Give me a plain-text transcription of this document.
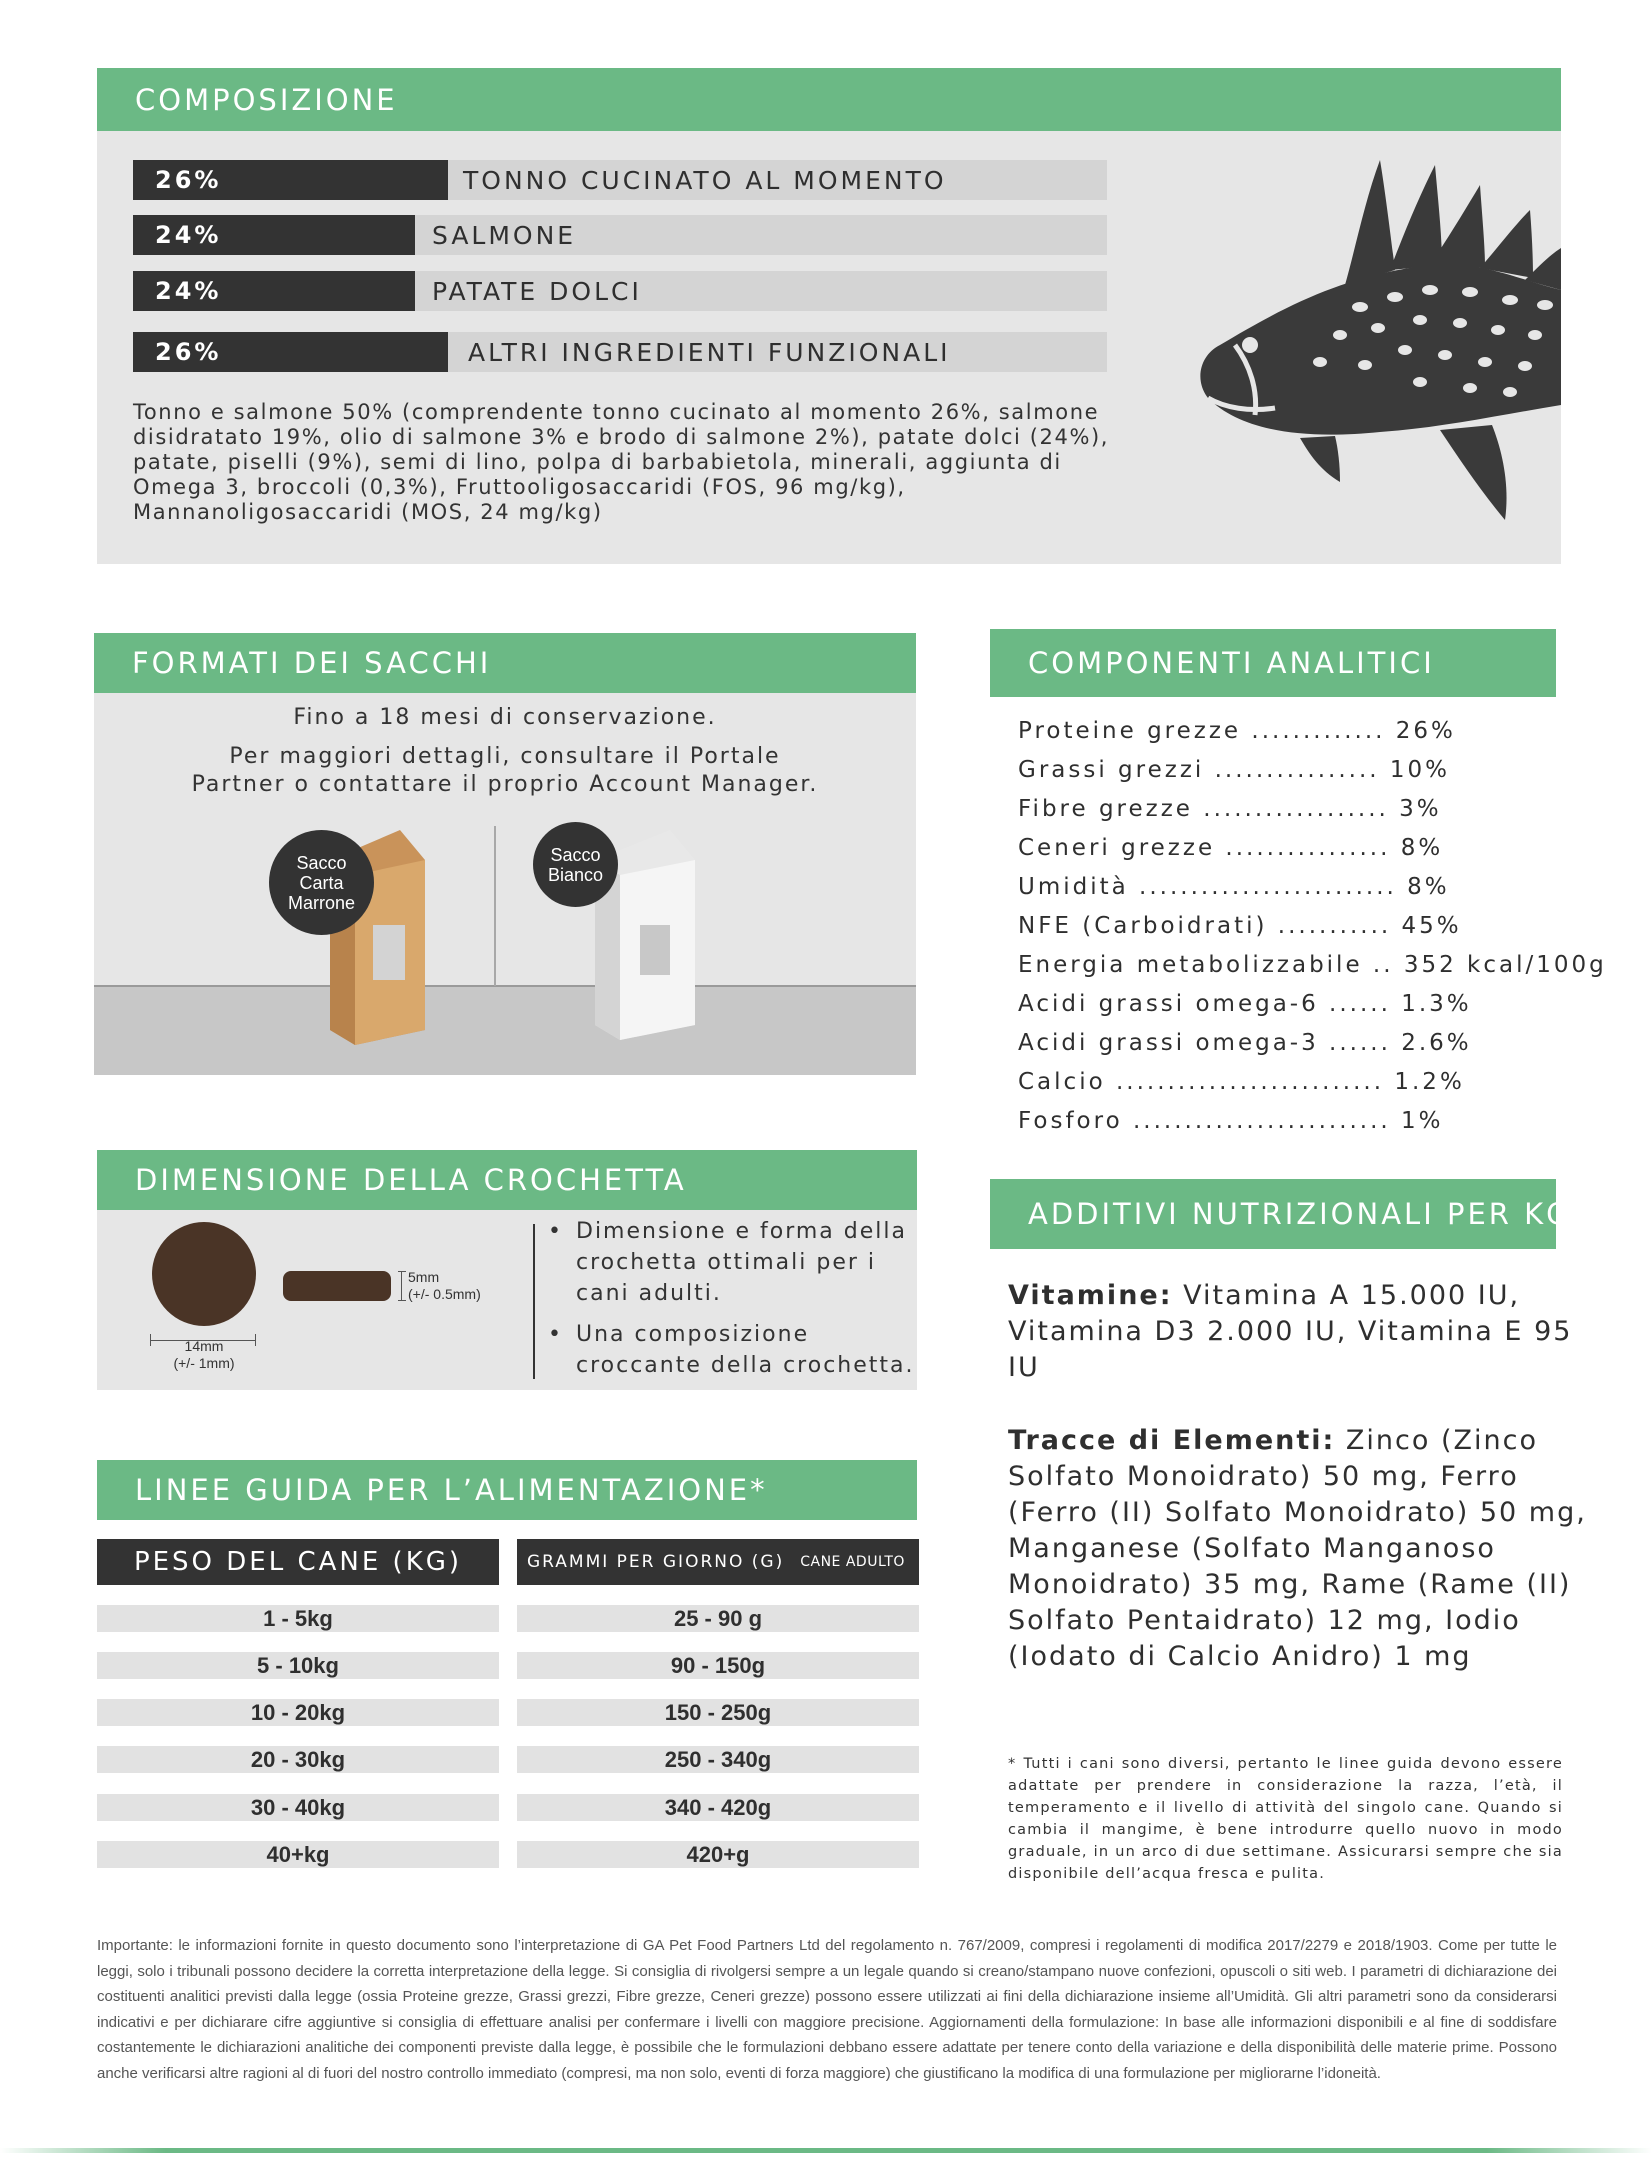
COMPOSIZIONE
TONNO CUCINATO AL MOMENTO
26%
SALMONE
24%
PATATE DOLCI
24%
ALTRI INGREDIENTI FUNZIONALI
26%
Tonno e salmone 50% (comprendente tonno cucinato al momento 26%, salmone disidratato 19%, olio di salmone 3% e brodo di salmone 2%), patate dolci (24%), patate, piselli (9%), semi di lino, polpa di barbabietola, minerali, aggiunta di Omega 3, broccoli (0,3%), Fruttooligosaccaridi (FOS, 96 mg/kg), Mannanoligosaccaridi (MOS, 24 mg/kg)
FORMATI DEI SACCHI
Fino a 18 mesi di conservazione.
Per maggiori dettagli, consultare il Portale
Partner o contattare il proprio Account Manager.
Sacco
Carta
Marrone
Sacco
Bianco
COMPONENTI ANALITICI
Proteine grezze ............. 26%
Grassi grezzi ................ 10%
Fibre grezze .................. 3%
Ceneri grezze ................ 8%
Umidità ......................... 8%
NFE (Carboidrati) ........... 45%
Energia metabolizzabile .. 352 kcal/100g
Acidi grassi omega-6 ...... 1.3%
Acidi grassi omega-3 ...... 2.6%
Calcio .......................... 1.2%
Fosforo ......................... 1%
DIMENSIONE DELLA CROCHETTA
14mm
(+/- 1mm)
5mm
(+/- 0.5mm)
• Dimensione e forma della crochetta ottimali per i cani adulti.
• Una composizione croccante della crochetta.
ADDITIVI NUTRIZIONALI PER KG:
Vitamine: Vitamina A 15.000 IU, Vitamina D3 2.000 IU, Vitamina E 95 IU
Tracce di Elementi: Zinco (Zinco Solfato Monoidrato) 50 mg, Ferro (Ferro (II) Solfato Monoidrato) 50 mg, Manganese (Solfato Manganoso Monoidrato) 35 mg, Rame (Rame (II) Solfato Pentaidrato) 12 mg, Iodio (Iodato di Calcio Anidro) 1 mg
LINEE GUIDA PER L’ALIMENTAZIONE*
PESO DEL CANE (KG)	GRAMMI PER GIORNO (G) CANE ADULTO
1 - 5kg	25 - 90 g
5 - 10kg	90 - 150g
10 - 20kg	150 - 250g
20 - 30kg	250 - 340g
30 - 40kg	340 - 420g
40+kg	420+g
* Tutti i cani sono diversi, pertanto le linee guida devono essere adattate per prendere in considerazione la razza, l’età, il temperamento e il livello di attività del singolo cane. Quando si cambia il mangime, è bene introdurre quello nuovo in modo graduale, in un arco di due settimane. Assicurarsi sempre che sia disponibile dell’acqua fresca e pulita.
Importante: le informazioni fornite in questo documento sono l’interpretazione di GA Pet Food Partners Ltd del regolamento n. 767/2009, compresi i regolamenti di modifica 2017/2279 e 2018/1903. Come per tutte le leggi, solo i tribunali possono decidere la corretta interpretazione della legge. Si consiglia di rivolgersi sempre a un legale quando si creano/stampano nuove confezioni, opuscoli o siti web. I parametri di dichiarazione dei costituenti analitici previsti dalla legge (ossia Proteine grezze, Grassi grezzi, Fibre grezze, Ceneri grezze) possono essere utilizzati ai fini della dichiarazione insieme all’Umidità. Gli altri parametri sono da considerarsi indicativi e per dichiarare cifre aggiuntive si consiglia di effettuare analisi per confermare i livelli con maggiore precisione. Aggiornamenti della formulazione: In base alle informazioni disponibili e al fine di soddisfare costantemente le dichiarazioni analitiche dei componenti previste dalla legge, è possibile che le formulazioni debbano essere adattate per tenere conto della variazione e della disponibilità delle materie prime. Possono anche verificarsi altre ragioni al di fuori del nostro controllo immediato (compresi, ma non solo, eventi di forza maggiore) che giustificano la modifica di una formulazione per migliorarne l’idoneità.
